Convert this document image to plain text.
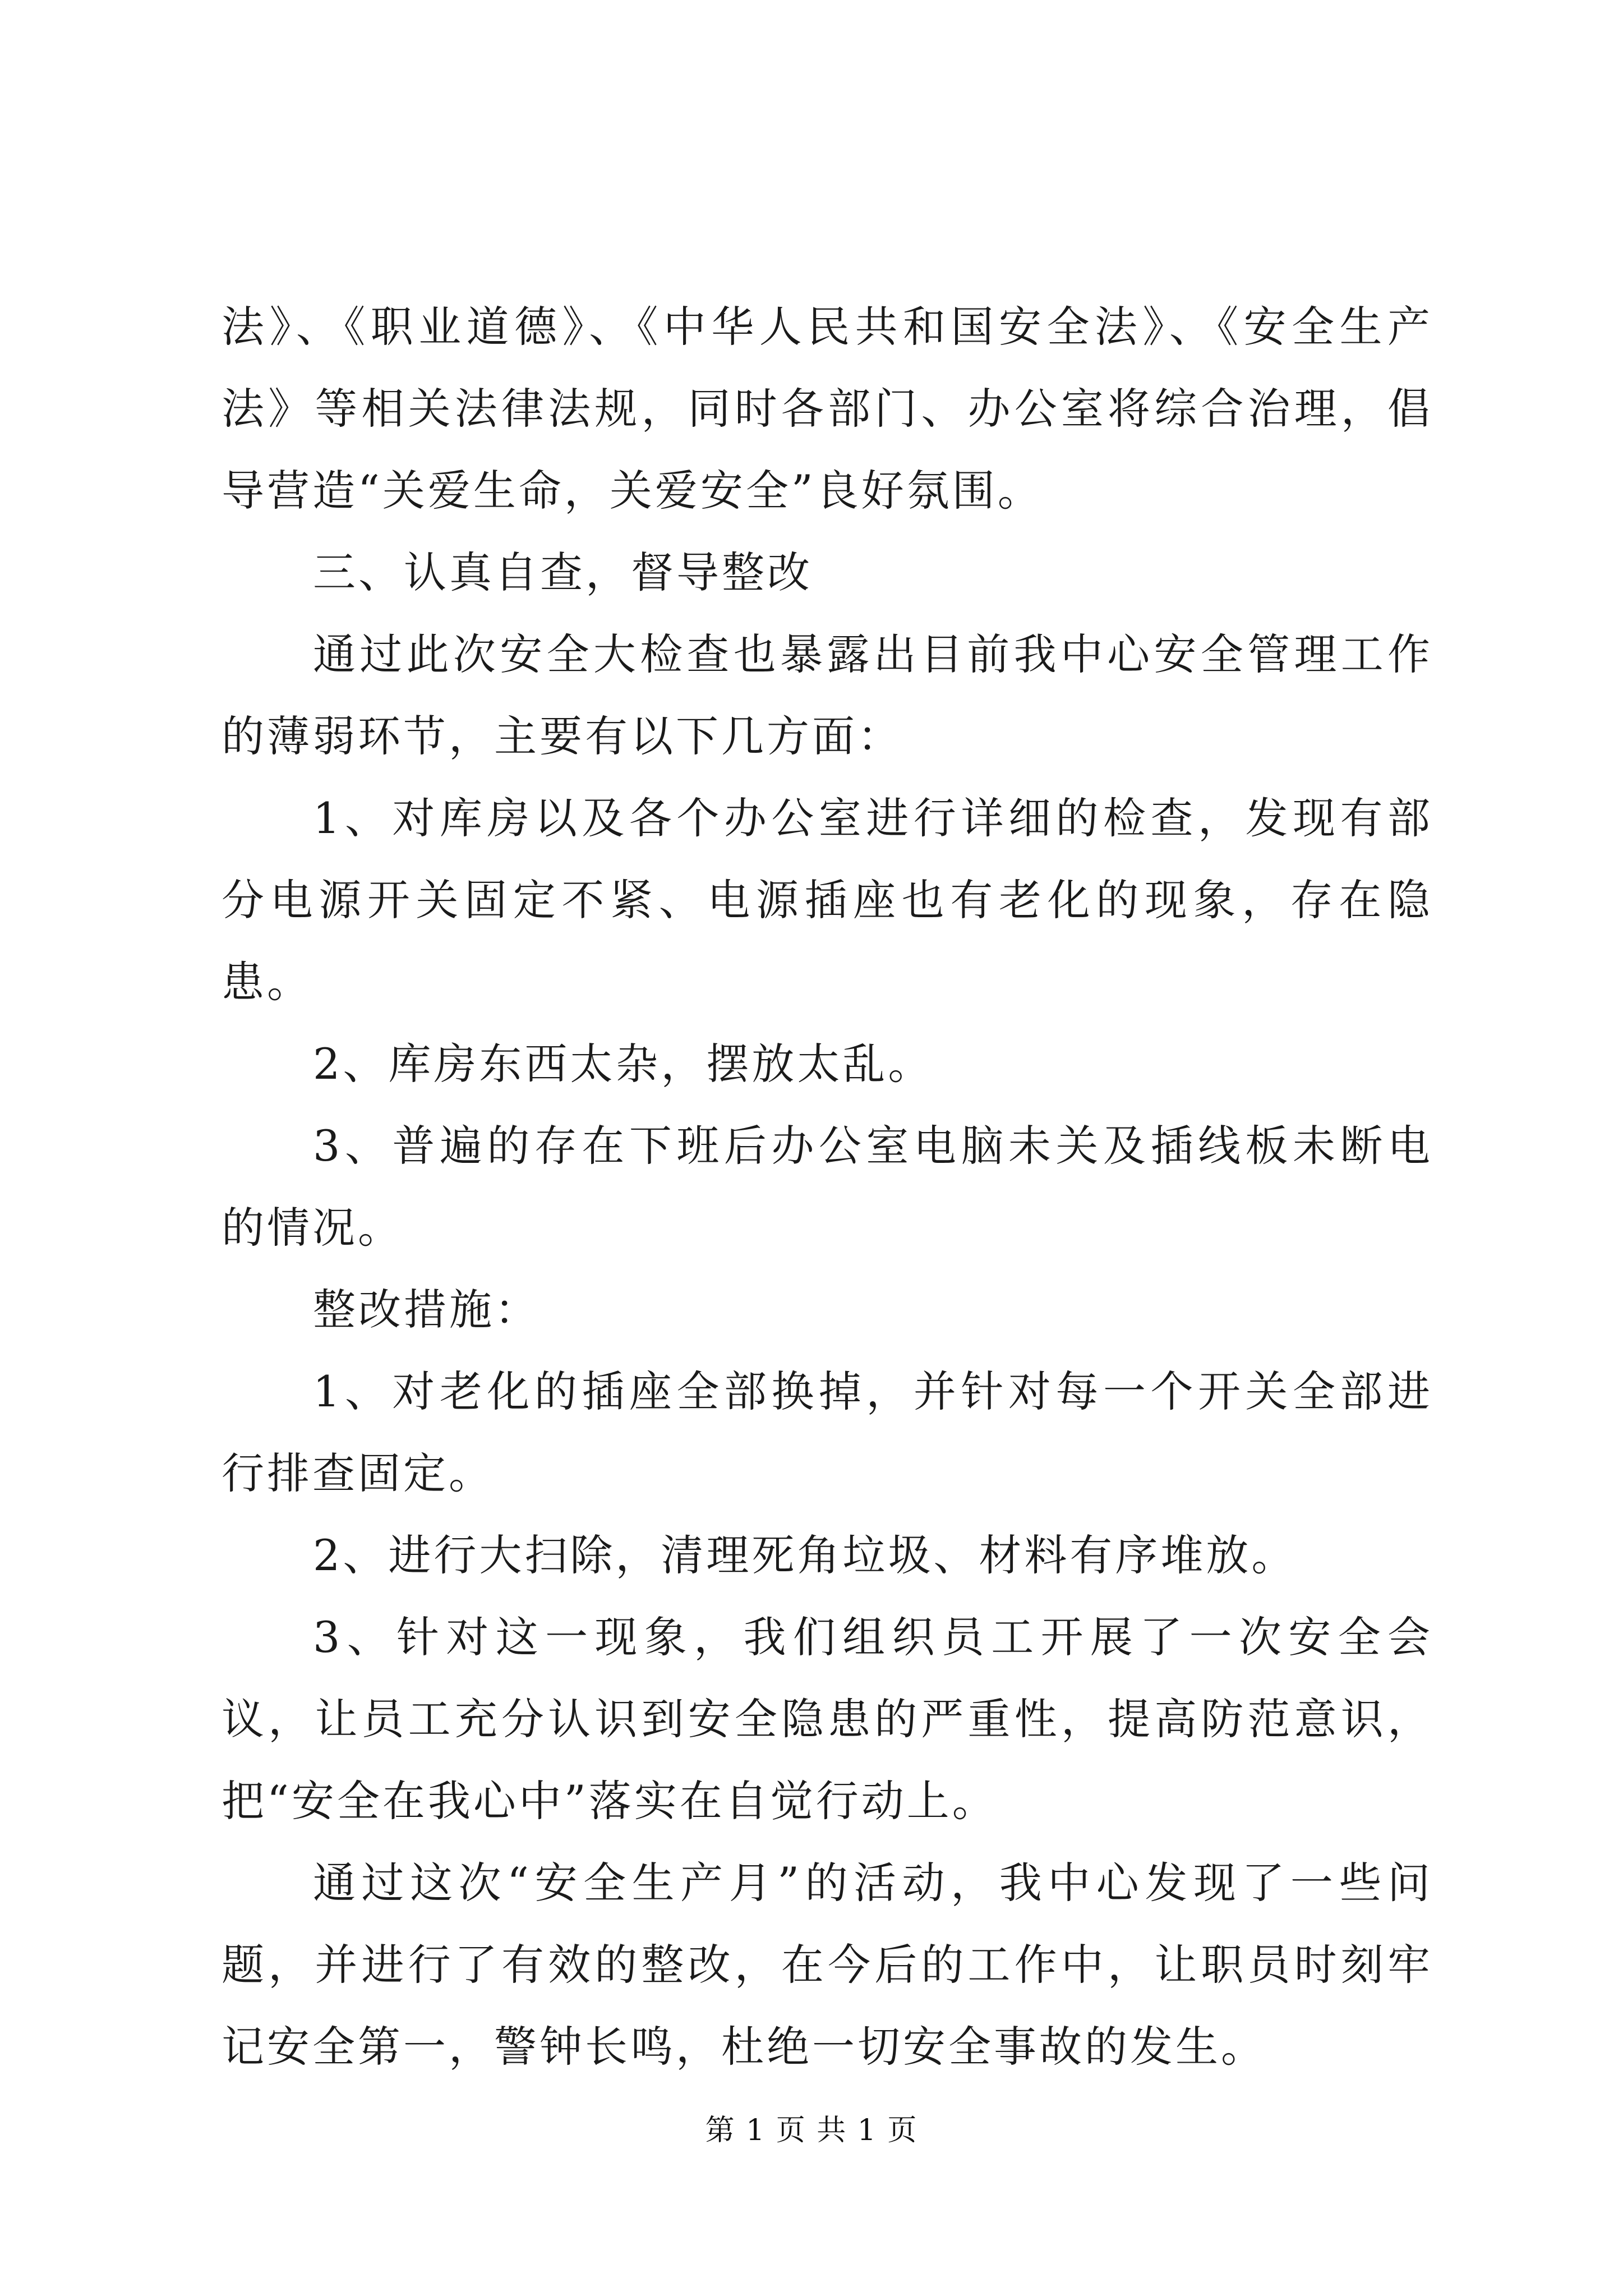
法》、《职业道德》、《中华人民共和国安全法》、《安全生产法》等相关法律法规，同时各部门、办公室将综合治理，倡导营造“关爱生命，关爱安全”良好氛围。

三、认真自查，督导整改

通过此次安全大检查也暴露出目前我中心安全管理工作的薄弱环节，主要有以下几方面：

1、对库房以及各个办公室进行详细的检查，发现有部分电源开关固定不紧、电源插座也有老化的现象，存在隐患。

2、库房东西太杂，摆放太乱。

3、普遍的存在下班后办公室电脑未关及插线板未断电的情况。

整改措施：

1、对老化的插座全部换掉，并针对每一个开关全部进行排查固定。

2、进行大扫除，清理死角垃圾、材料有序堆放。

3、针对这一现象，我们组织员工开展了一次安全会议，让员工充分认识到安全隐患的严重性，提高防范意识，把“安全在我心中”落实在自觉行动上。

通过这次“安全生产月”的活动，我中心发现了一些问题，并进行了有效的整改，在今后的工作中，让职员时刻牢记安全第一，警钟长鸣，杜绝一切安全事故的发生。

第 1 页 共 1 页
